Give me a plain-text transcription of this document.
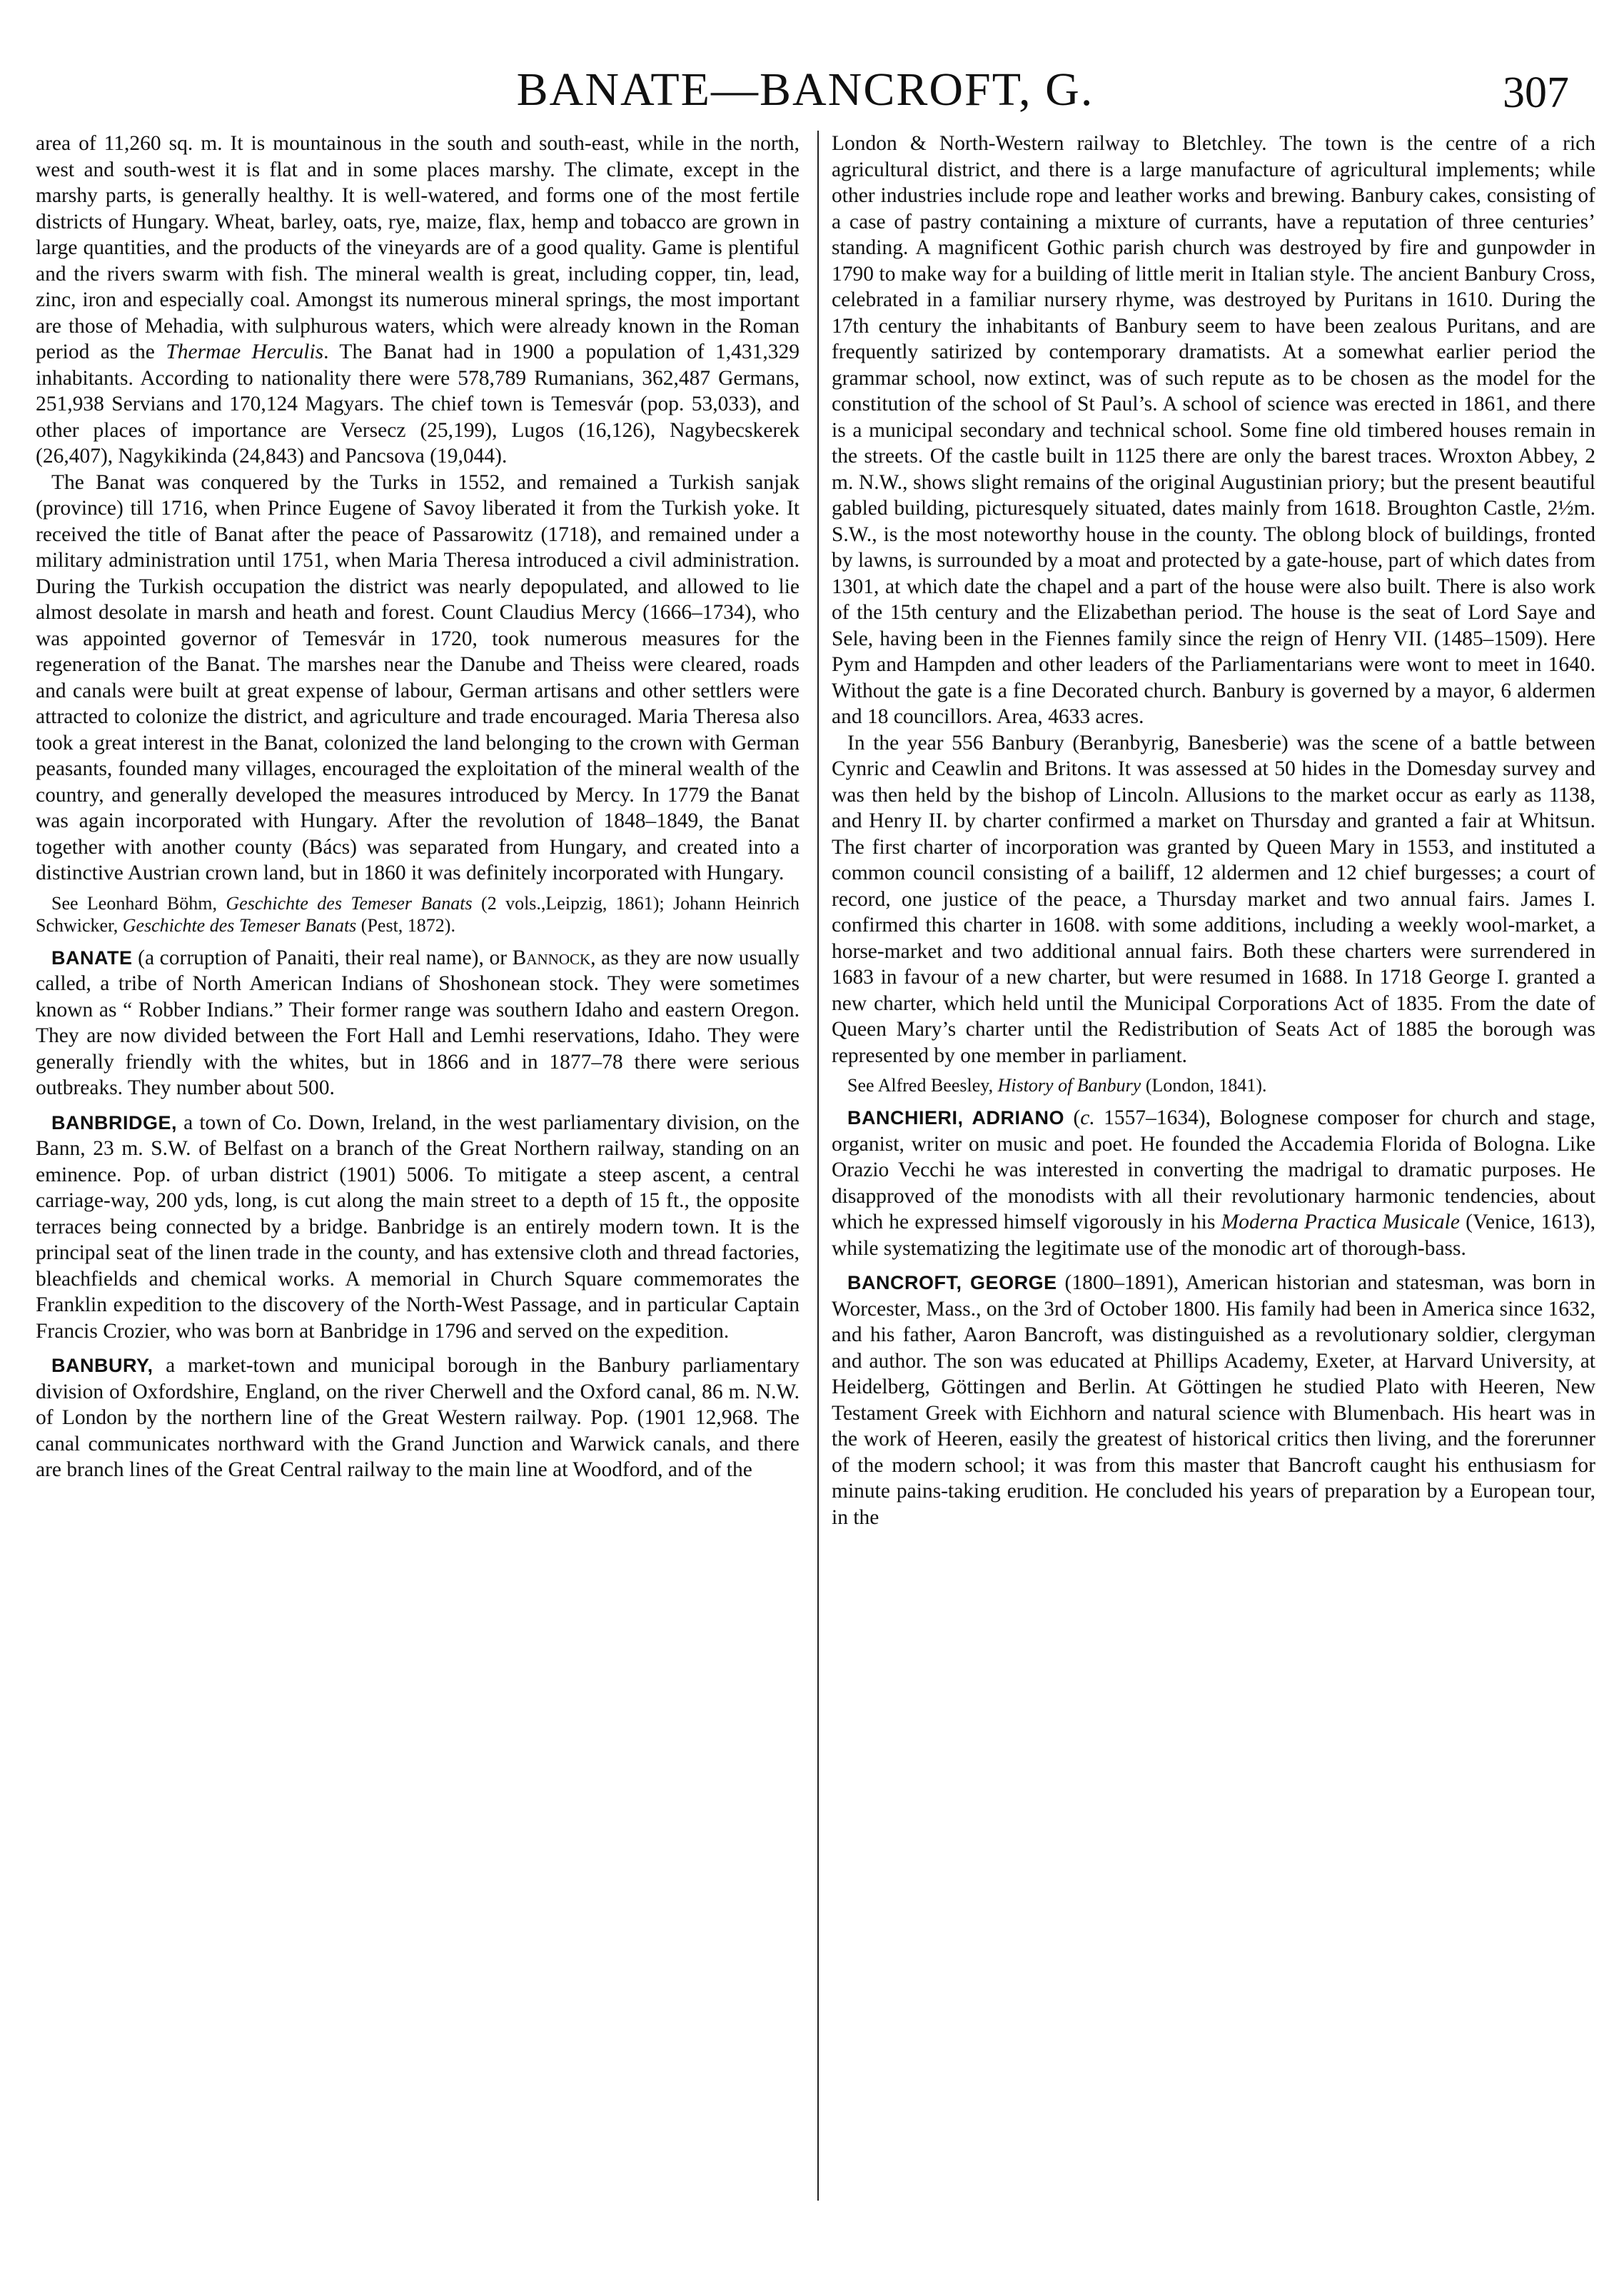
BANATE—BANCROFT, G.	307

area of 11,260 sq. m. It is mountainous in the south and south-east, while in the north, west and south-west it is flat and in some places marshy. The climate, except in the marshy parts, is generally healthy. It is well-watered, and forms one of the most fertile districts of Hungary. Wheat, barley, oats, rye, maize, flax, hemp and tobacco are grown in large quantities, and the products of the vineyards are of a good quality. Game is plentiful and the rivers swarm with fish. The mineral wealth is great, including copper, tin, lead, zinc, iron and especially coal. Amongst its numerous mineral springs, the most important are those of Mehadia, with sulphurous waters, which were already known in the Roman period as the Thermae Herculis. The Banat had in 1900 a population of 1,431,329 inhabitants. According to nationality there were 578,789 Rumanians, 362,487 Germans, 251,938 Servians and 170,124 Magyars. The chief town is Temesvár (pop. 53,033), and other places of importance are Versecz (25,199), Lugos (16,126), Nagybecskerek (26,407), Nagykikinda (24,843) and Pancsova (19,044).

The Banat was conquered by the Turks in 1552, and remained a Turkish sanjak (province) till 1716, when Prince Eugene of Savoy liberated it from the Turkish yoke. It received the title of Banat after the peace of Passarowitz (1718), and remained under a military administration until 1751, when Maria Theresa introduced a civil administration. During the Turkish occupation the district was nearly depopulated, and allowed to lie almost desolate in marsh and heath and forest. Count Claudius Mercy (1666–1734), who was appointed governor of Temesvár in 1720, took numerous measures for the regeneration of the Banat. The marshes near the Danube and Theiss were cleared, roads and canals were built at great expense of labour, German artisans and other settlers were attracted to colonize the district, and agriculture and trade encouraged. Maria Theresa also took a great interest in the Banat, colonized the land belonging to the crown with German peasants, founded many villages, encouraged the exploitation of the mineral wealth of the country, and generally developed the measures introduced by Mercy. In 1779 the Banat was again incorporated with Hungary. After the revolution of 1848–1849, the Banat together with another county (Bács) was separated from Hungary, and created into a distinctive Austrian crown land, but in 1860 it was definitely incorporated with Hungary.

See Leonhard Böhm, Geschichte des Temeser Banats (2 vols.,Leipzig, 1861); Johann Heinrich Schwicker, Geschichte des Temeser Banats (Pest, 1872).

BANATE (a corruption of Panaiti, their real name), or Bannock, as they are now usually called, a tribe of North American Indians of Shoshonean stock. They were sometimes known as “ Robber Indians.” Their former range was southern Idaho and eastern Oregon. They are now divided between the Fort Hall and Lemhi reservations, Idaho. They were generally friendly with the whites, but in 1866 and in 1877–78 there were serious outbreaks. They number about 500.

BANBRIDGE, a town of Co. Down, Ireland, in the west parliamentary division, on the Bann, 23 m. S.W. of Belfast on a branch of the Great Northern railway, standing on an eminence. Pop. of urban district (1901) 5006. To mitigate a steep ascent, a central carriage-way, 200 yds, long, is cut along the main street to a depth of 15 ft., the opposite terraces being connected by a bridge. Banbridge is an entirely modern town. It is the principal seat of the linen trade in the county, and has extensive cloth and thread factories, bleachfields and chemical works. A memorial in Church Square commemorates the Franklin expedition to the discovery of the North-West Passage, and in particular Captain Francis Crozier, who was born at Banbridge in 1796 and served on the expedition.

BANBURY, a market-town and municipal borough in the Banbury parliamentary division of Oxfordshire, England, on the river Cherwell and the Oxford canal, 86 m. N.W. of London by the northern line of the Great Western railway. Pop. (1901 12,968. The canal communicates northward with the Grand Junction and Warwick canals, and there are branch lines of the Great Central railway to the main line at Woodford, and of the

London & North-Western railway to Bletchley. The town is the centre of a rich agricultural district, and there is a large manufacture of agricultural implements; while other industries include rope and leather works and brewing. Banbury cakes, consisting of a case of pastry containing a mixture of currants, have a reputation of three centuries’ standing. A magnificent Gothic parish church was destroyed by fire and gunpowder in 1790 to make way for a building of little merit in Italian style. The ancient Banbury Cross, celebrated in a familiar nursery rhyme, was destroyed by Puritans in 1610. During the 17th century the inhabitants of Banbury seem to have been zealous Puritans, and are frequently satirized by contemporary dramatists. At a somewhat earlier period the grammar school, now extinct, was of such repute as to be chosen as the model for the constitution of the school of St Paul’s. A school of science was erected in 1861, and there is a municipal secondary and technical school. Some fine old timbered houses remain in the streets. Of the castle built in 1125 there are only the barest traces. Wroxton Abbey, 2 m. N.W., shows slight remains of the original Augustinian priory; but the present beautiful gabled building, picturesquely situated, dates mainly from 1618. Broughton Castle, 2½m. S.W., is the most noteworthy house in the county. The oblong block of buildings, fronted by lawns, is surrounded by a moat and protected by a gate-house, part of which dates from 1301, at which date the chapel and a part of the house were also built. There is also work of the 15th century and the Elizabethan period. The house is the seat of Lord Saye and Sele, having been in the Fiennes family since the reign of Henry VII. (1485–1509). Here Pym and Hampden and other leaders of the Parliamentarians were wont to meet in 1640. Without the gate is a fine Decorated church. Banbury is governed by a mayor, 6 aldermen and 18 councillors. Area, 4633 acres.

In the year 556 Banbury (Beranbyrig, Banesberie) was the scene of a battle between Cynric and Ceawlin and Britons. It was assessed at 50 hides in the Domesday survey and was then held by the bishop of Lincoln. Allusions to the market occur as early as 1138, and Henry II. by charter confirmed a market on Thursday and granted a fair at Whitsun. The first charter of incorporation was granted by Queen Mary in 1553, and instituted a common council consisting of a bailiff, 12 aldermen and 12 chief burgesses; a court of record, one justice of the peace, a Thursday market and two annual fairs. James I. confirmed this charter in 1608. with some additions, including a weekly wool-market, a horse-market and two additional annual fairs. Both these charters were surrendered in 1683 in favour of a new charter, but were resumed in 1688. In 1718 George I. granted a new charter, which held until the Municipal Corporations Act of 1835. From the date of Queen Mary’s charter until the Redistribution of Seats Act of 1885 the borough was represented by one member in parliament.

See Alfred Beesley, History of Banbury (London, 1841).

BANCHIERI, ADRIANO (c. 1557–1634), Bolognese composer for church and stage, organist, writer on music and poet. He founded the Accademia Florida of Bologna. Like Orazio Vecchi he was interested in converting the madrigal to dramatic purposes. He disapproved of the monodists with all their revolutionary harmonic tendencies, about which he expressed himself vigorously in his Moderna Practica Musicale (Venice, 1613), while systematizing the legitimate use of the monodic art of thorough-bass.

BANCROFT, GEORGE (1800–1891), American historian and statesman, was born in Worcester, Mass., on the 3rd of October 1800. His family had been in America since 1632, and his father, Aaron Bancroft, was distinguished as a revolutionary soldier, clergyman and author. The son was educated at Phillips Academy, Exeter, at Harvard University, at Heidelberg, Göttingen and Berlin. At Göttingen he studied Plato with Heeren, New Testament Greek with Eichhorn and natural science with Blumenbach. His heart was in the work of Heeren, easily the greatest of historical critics then living, and the forerunner of the modern school; it was from this master that Bancroft caught his enthusiasm for minute pains-taking erudition. He concluded his years of preparation by a European tour, in the
